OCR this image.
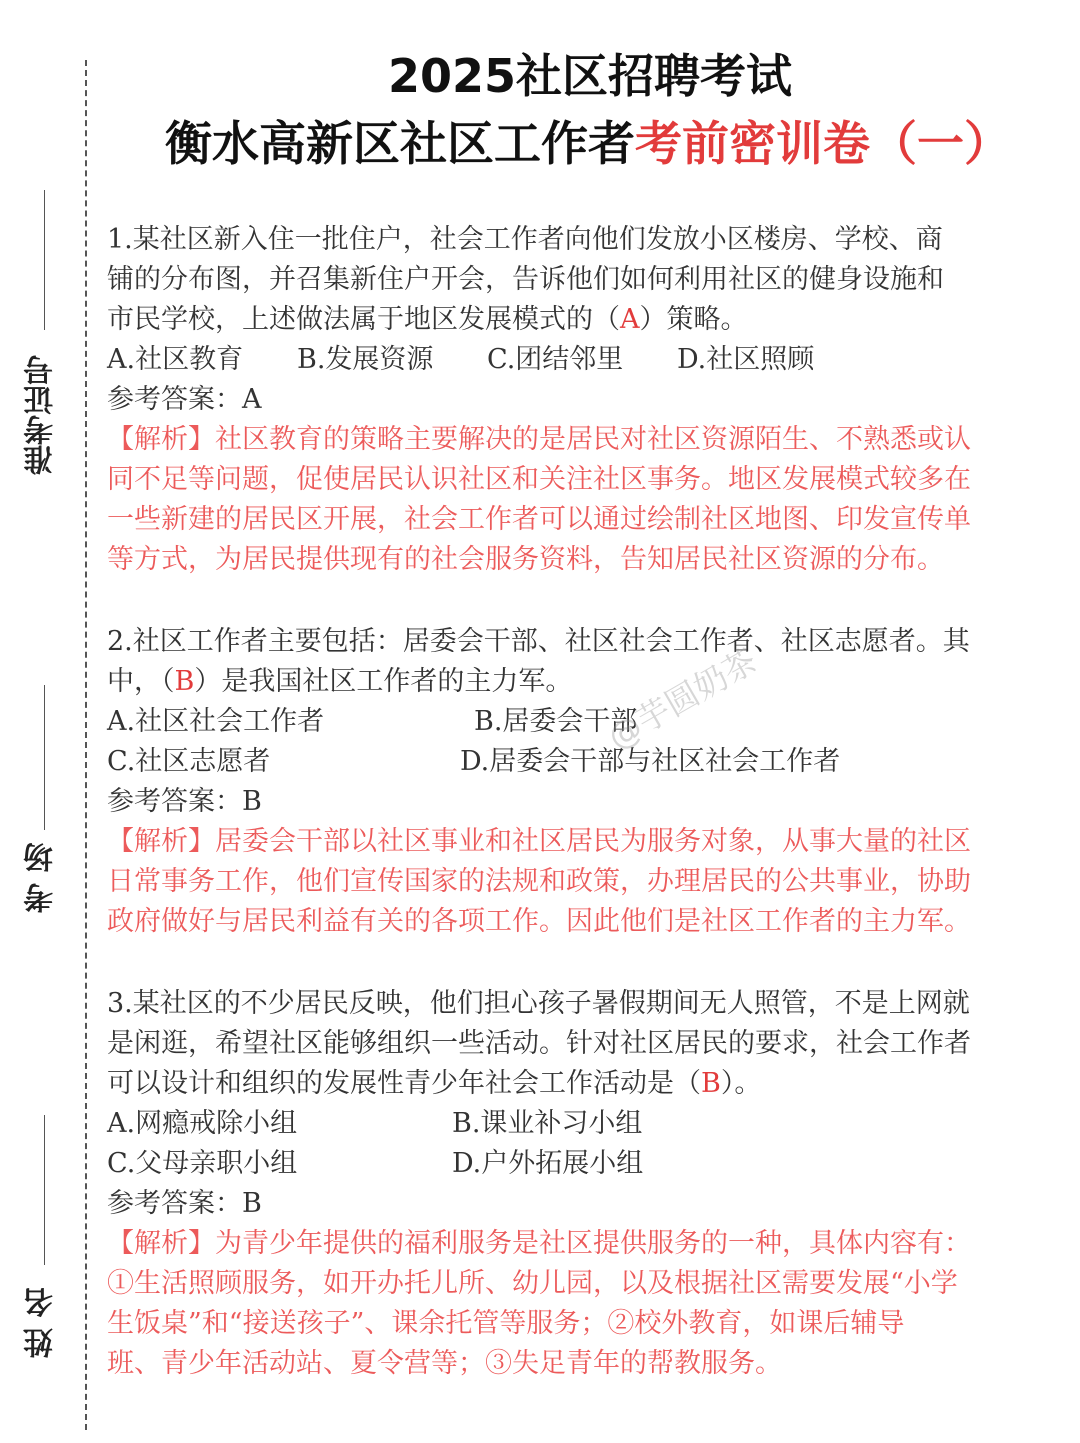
准考证号
考 场
姓 名
2025社区招聘考试
衡水高新区社区工作者考前密训卷（一）
1.某社区新入住一批住户，社会工作者向他们发放小区楼房、学校、商
铺的分布图，并召集新住户开会，告诉他们如何利用社区的健身设施和
市民学校，上述做法属于地区发展模式的（A）策略。
A.社区教育 B.发展资源 C.团结邻里 D.社区照顾
参考答案：A
【解析】社区教育的策略主要解决的是居民对社区资源陌生、不熟悉或认
同不足等问题，促使居民认识社区和关注社区事务。地区发展模式较多在
一些新建的居民区开展，社会工作者可以通过绘制社区地图、印发宣传单
等方式，为居民提供现有的社会服务资料，告知居民社区资源的分布。
2.社区工作者主要包括：居委会干部、社区社会工作者、社区志愿者。其
中，（B）是我国社区工作者的主力军。
A.社区社会工作者	B.居委会干部
C.社区志愿者	D.居委会干部与社区社会工作者
参考答案：B
【解析】居委会干部以社区事业和社区居民为服务对象，从事大量的社区
日常事务工作，他们宣传国家的法规和政策，办理居民的公共事业，协助
政府做好与居民利益有关的各项工作。因此他们是社区工作者的主力军。
3.某社区的不少居民反映，他们担心孩子暑假期间无人照管，不是上网就
是闲逛，希望社区能够组织一些活动。针对社区居民的要求，社会工作者
可以设计和组织的发展性青少年社会工作活动是（B）。
A.网瘾戒除小组	B.课业补习小组
C.父母亲职小组	D.户外拓展小组
参考答案：B
【解析】为青少年提供的福利服务是社区提供服务的一种，具体内容有：
①生活照顾服务，如开办托儿所、幼儿园，以及根据社区需要发展“小学
生饭桌”和“接送孩子”、课余托管等服务；②校外教育，如课后辅导
班、青少年活动站、夏令营等；③失足青年的帮教服务。
@芋圆奶茶
